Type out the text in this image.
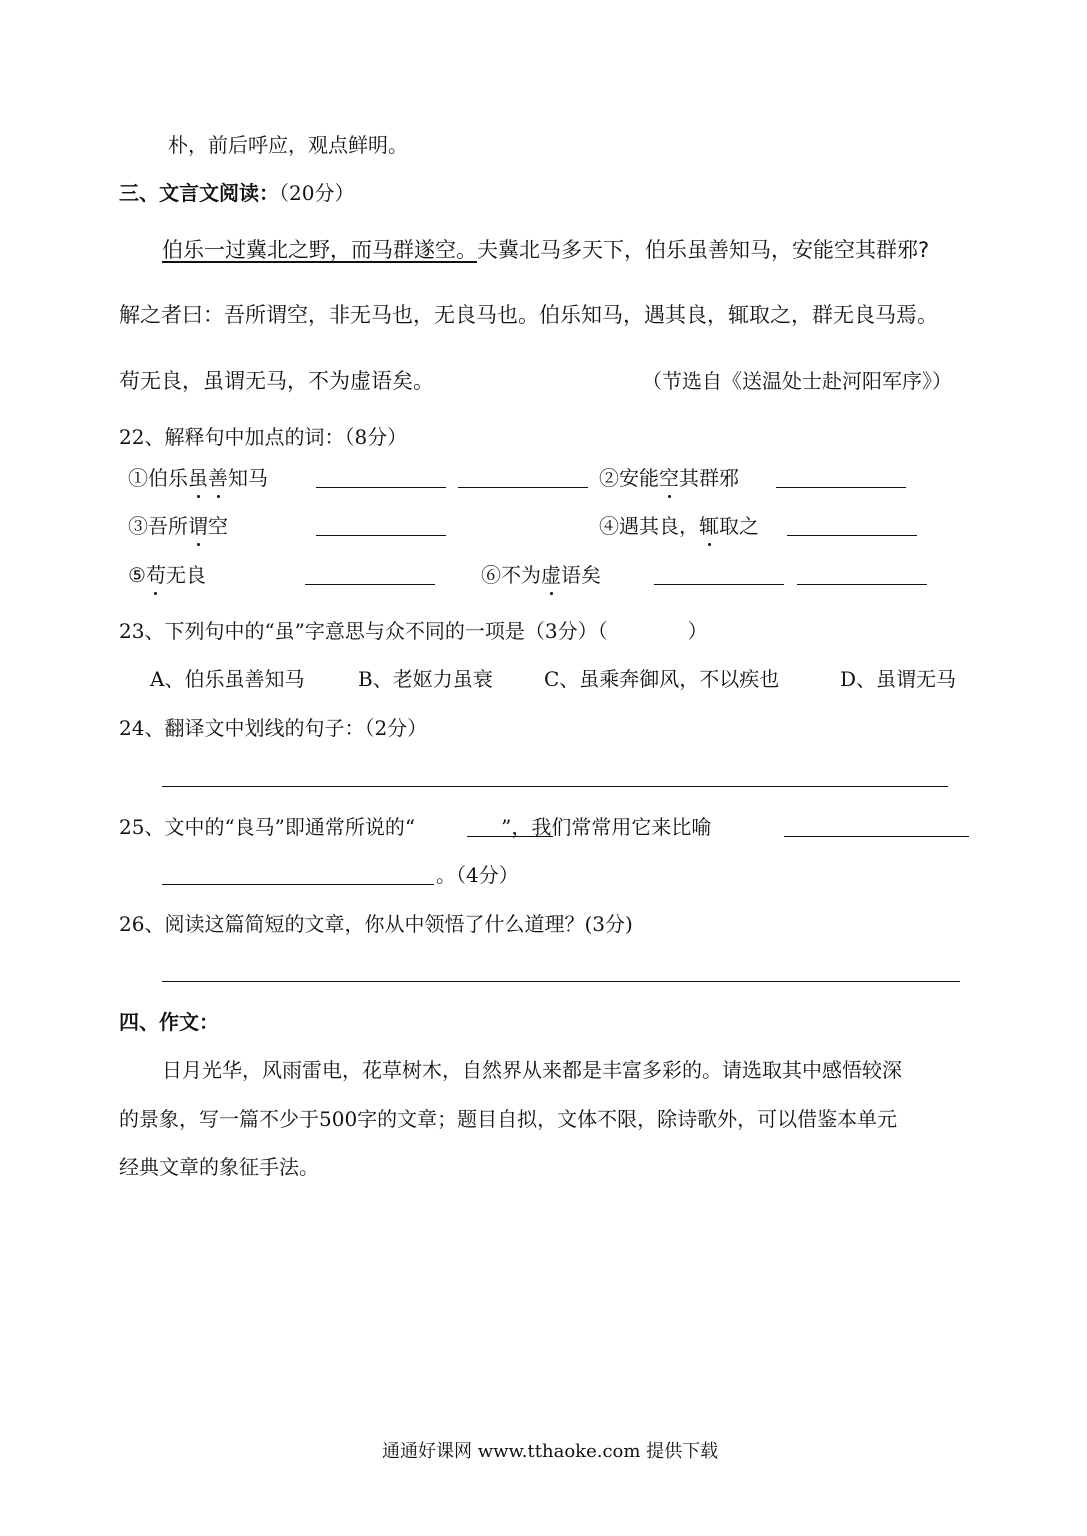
朴，前后呼应，观点鲜明。
三、文言文阅读：（20分）
伯乐一过冀北之野，而马群遂空。夫冀北马多天下，伯乐虽善知马，安能空其群邪?
解之者曰：吾所谓空，非无马也，无良马也。伯乐知马，遇其良，辄取之，群无良马焉。
苟无良，虽谓无马，不为虚语矣。	（节选自《送温处士赴河阳军序》）
22、解释句中加点的词：（8分）
①伯乐虽善知马	②安能空其群邪
③吾所谓空	④遇其良，辄取之
⑤苟无良	⑥不为虚语矣
23、下列句中的“虽”字意思与众不同的一项是（3分）（　　　　）
A、伯乐虽善知马	B、老妪力虽衰	C、虽乘奔御风，不以疾也	D、虽谓无马
24、翻译文中划线的句子：（2分）
25、文中的“良马”即通常所说的“	”，我们常常用它来比喻
。（4分）
26、阅读这篇简短的文章，你从中领悟了什么道理？(3分)
四、作文：
日月光华，风雨雷电，花草树木，自然界从来都是丰富多彩的。请选取其中感悟较深
的景象，写一篇不少于500字的文章；题目自拟，文体不限，除诗歌外，可以借鉴本单元
经典文章的象征手法。
通通好课网 www.tthaoke.com 提供下载
